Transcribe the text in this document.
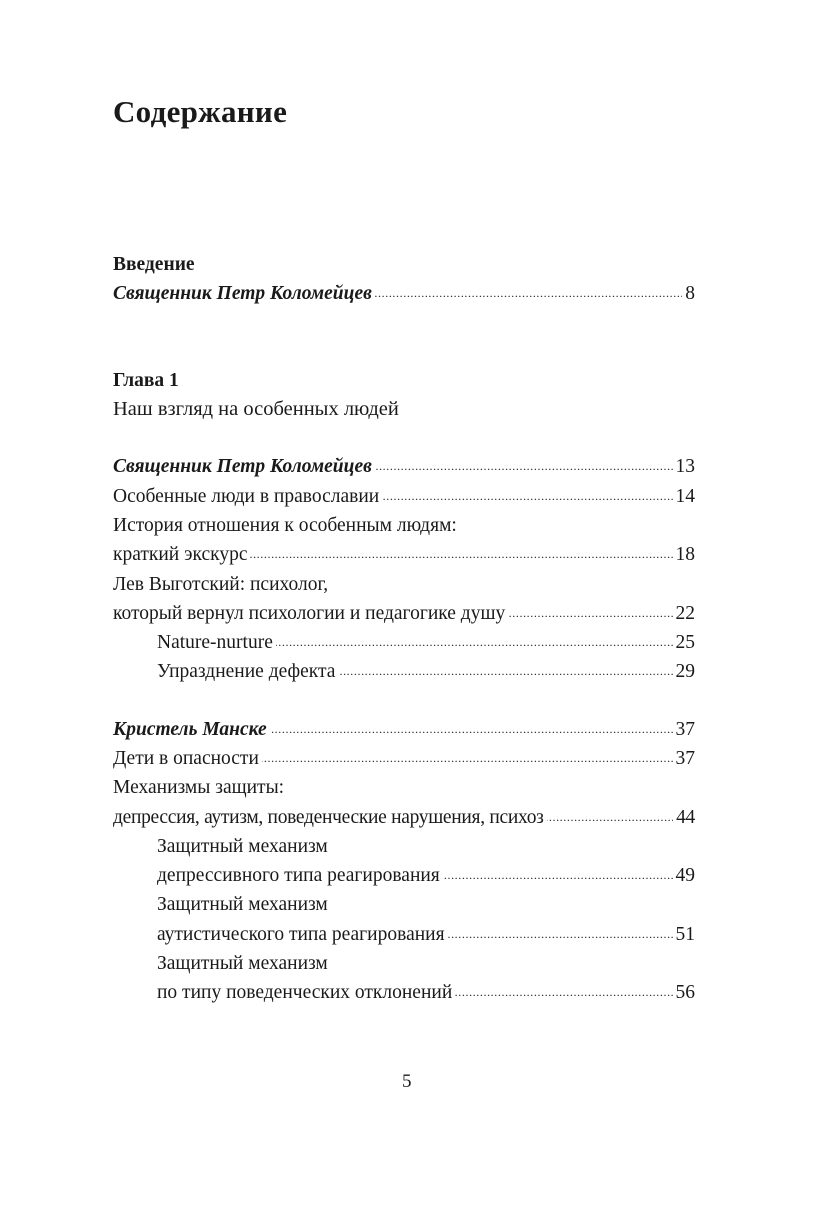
Содержание
Введение
Священник Петр Коломейцев . . .	8
Глава 1
Наш взгляд на особенных людей
Священник Петр Коломейцев . . .	13
Особенные люди в православии . . .	14
История отношения к особенным людям:
краткий экскурс . . .	18
Лев Выготский: психолог,
который вернул психологии и педагогике душу . . .	22
Nature-nurture . . .	25
Упразднение дефекта . . .	29
Кристель Манске . . .	37
Дети в опасности . . .	37
Механизмы защиты:
депрессия, аутизм, поведенческие нарушения, психоз . . .	44
Защитный механизм
депрессивного типа реагирования . . .	49
Защитный механизм
аутистического типа реагирования . . .	51
Защитный механизм
по типу поведенческих отклонений . . .	56
5
